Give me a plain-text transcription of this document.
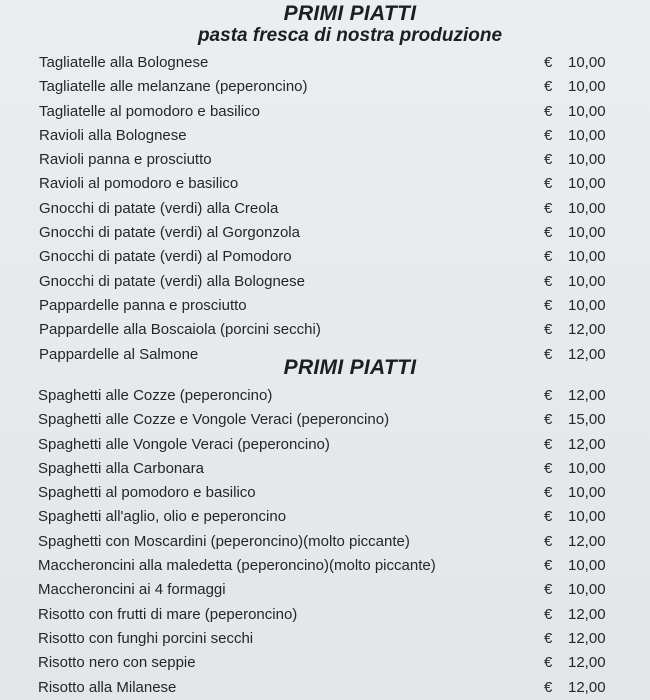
PRIMI PIATTI
pasta fresca di nostra produzione
Tagliatelle alla Bolognese	€ 10,00
Tagliatelle alle melanzane (peperoncino)	€ 10,00
Tagliatelle al pomodoro e basilico	€ 10,00
Ravioli alla Bolognese	€ 10,00
Ravioli panna e prosciutto	€ 10,00
Ravioli al pomodoro e basilico	€ 10,00
Gnocchi di patate (verdi) alla Creola	€ 10,00
Gnocchi di patate (verdi) al Gorgonzola	€ 10,00
Gnocchi di patate (verdi) al Pomodoro	€ 10,00
Gnocchi di patate (verdi) alla Bolognese	€ 10,00
Pappardelle panna e prosciutto	€ 10,00
Pappardelle alla Boscaiola (porcini secchi)	€ 12,00
Pappardelle al Salmone	€ 12,00
PRIMI PIATTI
Spaghetti alle Cozze (peperoncino)	€ 12,00
Spaghetti alle Cozze e Vongole Veraci (peperoncino)	€ 15,00
Spaghetti alle Vongole Veraci (peperoncino)	€ 12,00
Spaghetti alla Carbonara	€ 10,00
Spaghetti al pomodoro e basilico	€ 10,00
Spaghetti all'aglio, olio e peperoncino	€ 10,00
Spaghetti con Moscardini (peperoncino)(molto piccante)	€ 12,00
Maccheroncini alla maledetta (peperoncino)(molto piccante)	€ 10,00
Maccheroncini ai 4 formaggi	€ 10,00
Risotto con frutti di mare (peperoncino)	€ 12,00
Risotto con funghi porcini secchi	€ 12,00
Risotto nero con seppie	€ 12,00
Risotto alla Milanese	€ 12,00
